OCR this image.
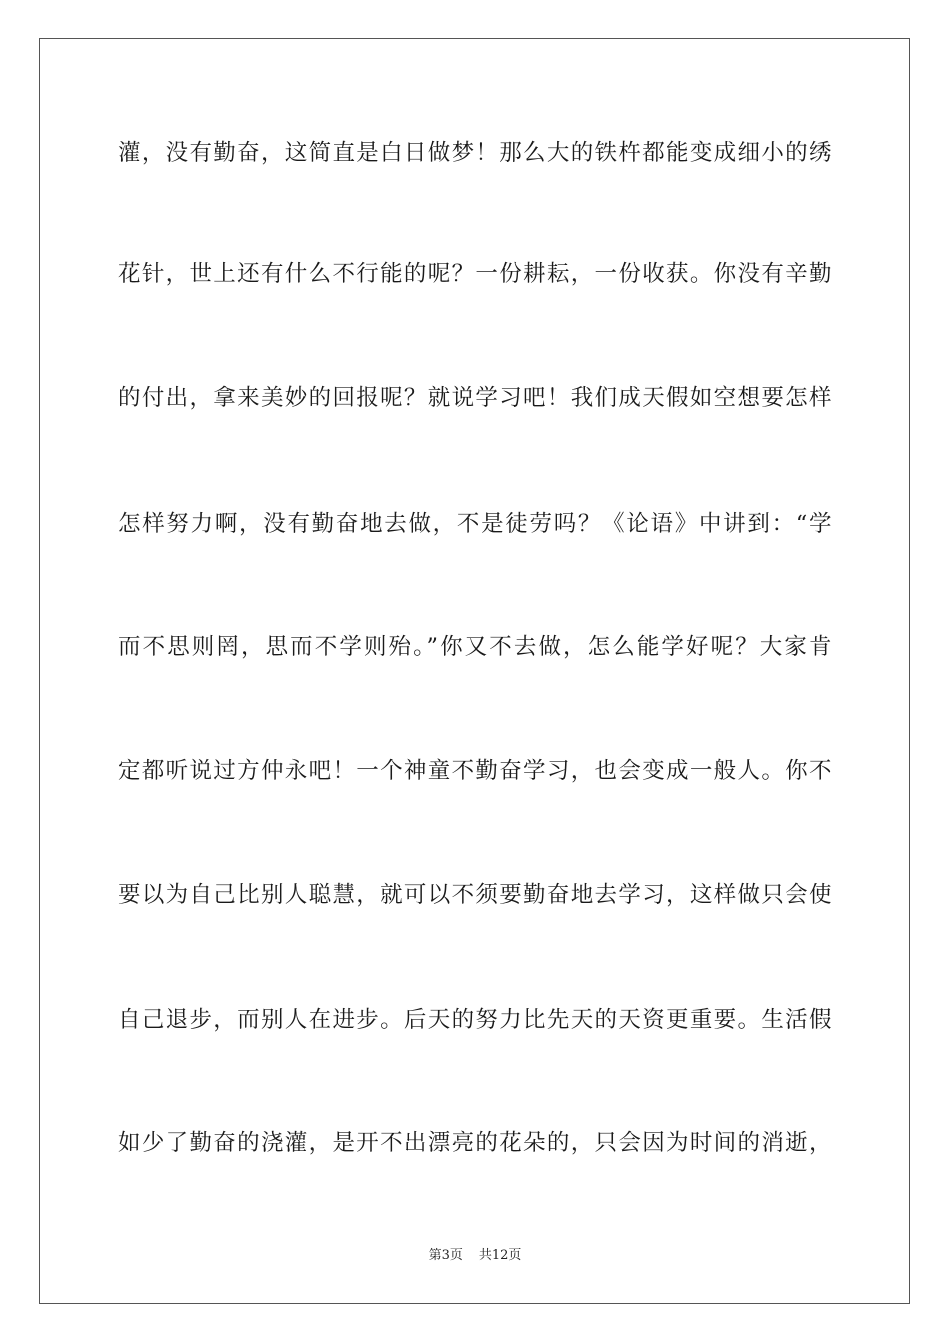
灌，没有勤奋，这简直是白日做梦！那么大的铁杵都能变成细小的绣
花针，世上还有什么不行能的呢？一份耕耘，一份收获。你没有辛勤
的付出，拿来美妙的回报呢？就说学习吧！我们成天假如空想要怎样
怎样努力啊，没有勤奋地去做，不是徒劳吗？《论语》中讲到：“学
而不思则罔，思而不学则殆。”你又不去做，怎么能学好呢？大家肯
定都听说过方仲永吧！一个神童不勤奋学习，也会变成一般人。你不
要以为自己比别人聪慧，就可以不须要勤奋地去学习，这样做只会使
自己退步，而别人在进步。后天的努力比先天的天资更重要。生活假
如少了勤奋的浇灌，是开不出漂亮的花朵的，只会因为时间的消逝，
第3页 共12页
